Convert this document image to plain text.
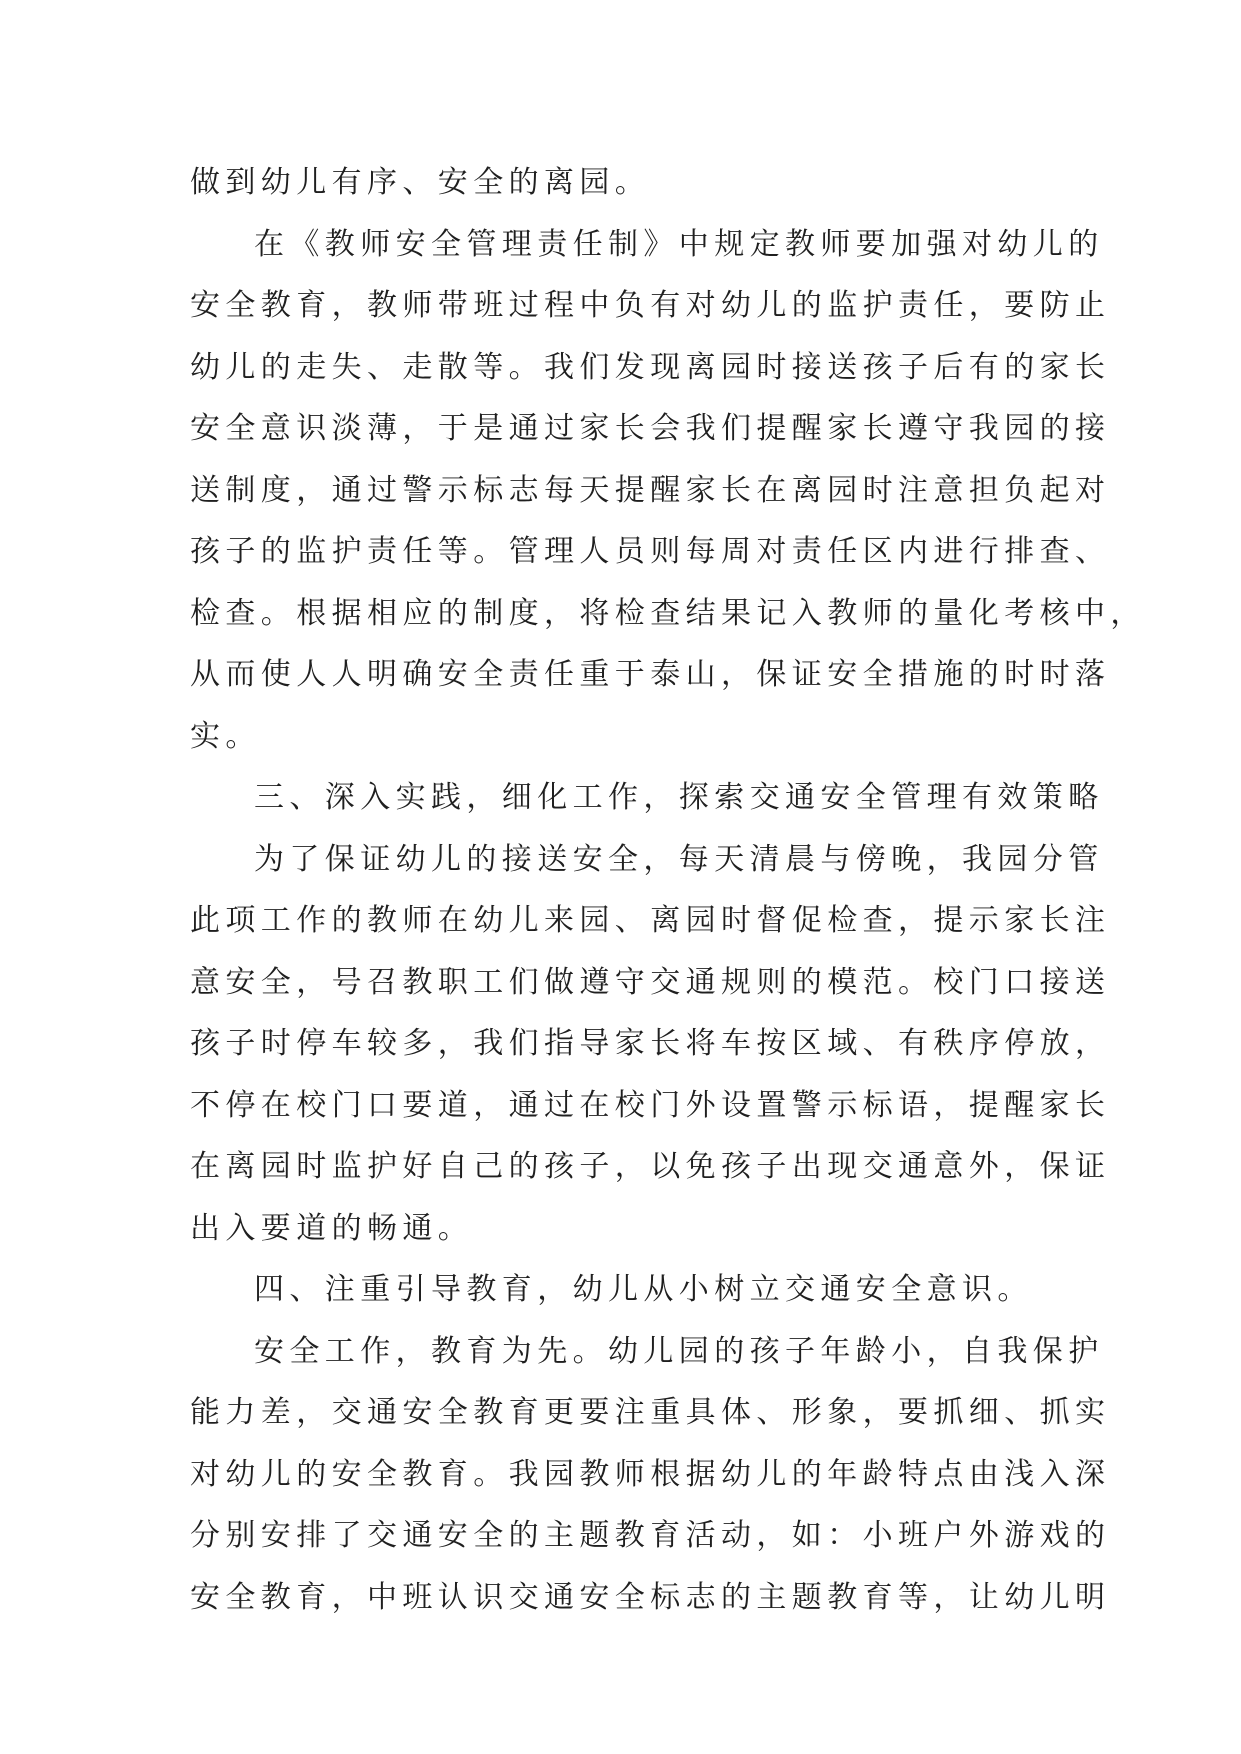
做到幼儿有序、安全的离园。
在《教师安全管理责任制》中规定教师要加强对幼儿的
安全教育，教师带班过程中负有对幼儿的监护责任，要防止
幼儿的走失、走散等。我们发现离园时接送孩子后有的家长
安全意识淡薄，于是通过家长会我们提醒家长遵守我园的接
送制度，通过警示标志每天提醒家长在离园时注意担负起对
孩子的监护责任等。管理人员则每周对责任区内进行排查、
检查。根据相应的制度，将检查结果记入教师的量化考核中，
从而使人人明确安全责任重于泰山，保证安全措施的时时落
实。
三、深入实践，细化工作，探索交通安全管理有效策略
为了保证幼儿的接送安全，每天清晨与傍晚，我园分管
此项工作的教师在幼儿来园、离园时督促检查，提示家长注
意安全，号召教职工们做遵守交通规则的模范。校门口接送
孩子时停车较多，我们指导家长将车按区域、有秩序停放，
不停在校门口要道，通过在校门外设置警示标语，提醒家长
在离园时监护好自己的孩子，以免孩子出现交通意外，保证
出入要道的畅通。
四、注重引导教育，幼儿从小树立交通安全意识。
安全工作，教育为先。幼儿园的孩子年龄小，自我保护
能力差，交通安全教育更要注重具体、形象，要抓细、抓实
对幼儿的安全教育。我园教师根据幼儿的年龄特点由浅入深
分别安排了交通安全的主题教育活动，如：小班户外游戏的
安全教育，中班认识交通安全标志的主题教育等，让幼儿明
